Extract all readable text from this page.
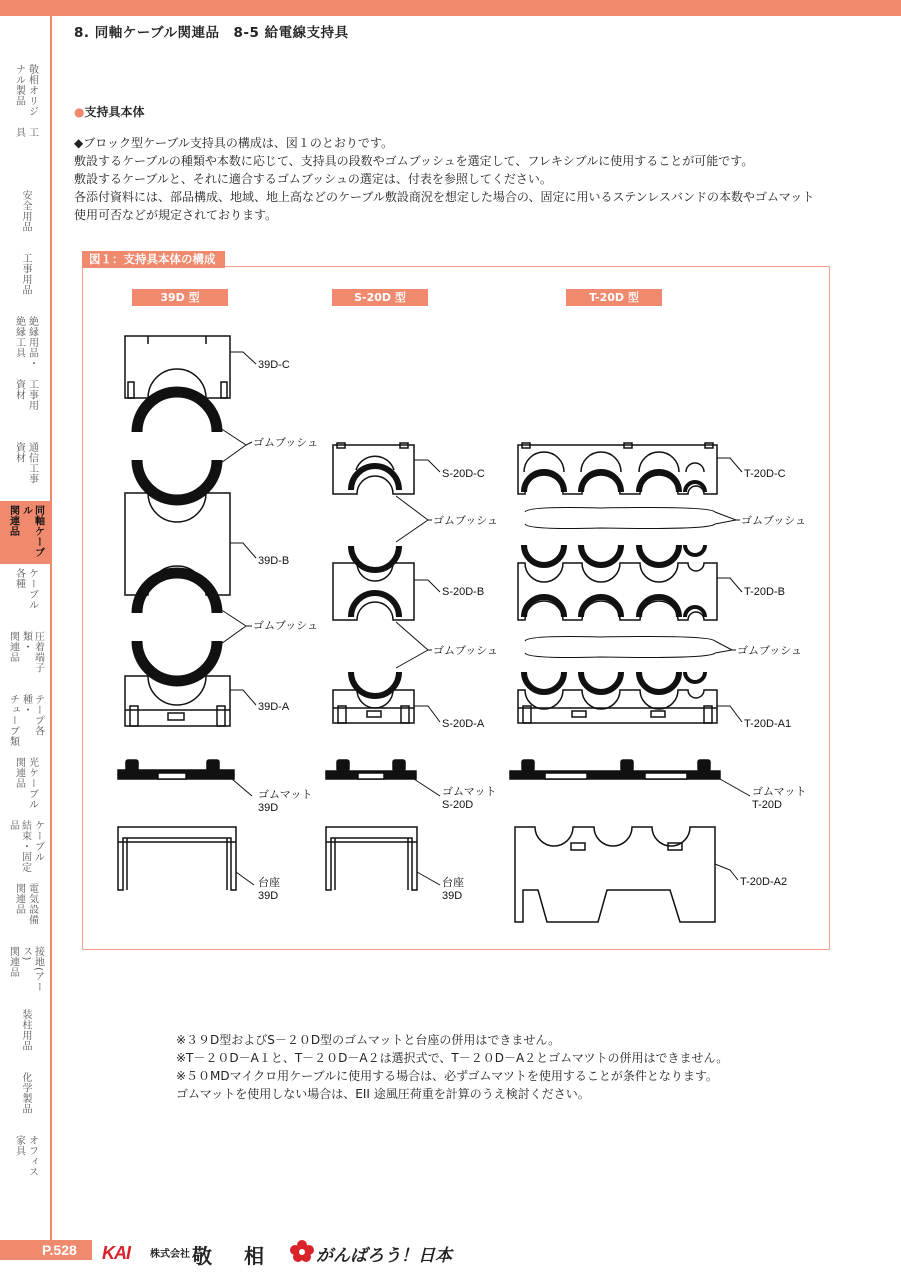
8. 同軸ケーブル関連品 8-5 給電線支持具
敬相オリジ
ナル製品
工
具
安全用品
工事用品
絶縁用品・
絶縁工具
工事用
資材
通信工事
資材
同軸ケーブル
関連品
ケーブル
各種
圧着端子類・
関連品
テープ各種・
チューブ類
光ケーブル
関連品
ケーブル
結束・固定品
電気設備
関連品
接地(アース)
関連品
装柱用品
化学製品
オフィス
家具
●支持具本体

◆ブロック型ケーブル支持具の構成は、図１のとおりです。

敷設するケーブルの種類や本数に応じて、支持具の段数やゴムブッシュを選定して、フレキシブルに使用することが可能です。

敷設するケーブルと、それに適合するゴムブッシュの選定は、付表を参照してください。

各添付資料には、部品構成、地域、地上高などのケーブル敷設商況を想定した場合の、固定に用いるステンレスバンドの本数やゴムマット

使用可否などが規定されております。

図１：支持具本体の構成
39D 型	S-20D 型	T-20D 型
39D-C
ゴムブッシュ
39D-B
ゴムブッシュ
39D-A
ゴムマット
39D
台座
39D
S-20D-C
ゴムブッシュ
S-20D-B
ゴムブッシュ
S-20D-A
ゴムマット
S-20D
台座
39D
T-20D-C
ゴムブッシュ
T-20D-B
ゴムブッシュ
T-20D-A1
ゴムマット
T-20D
T-20D-A2

※３９D型およびS－２０D型のゴムマットと台座の併用はできません。

※T－２０D－A１と、T－２０D－A２は選択式で、T－２０D－A２とゴムマツトの併用はできません。

※５０MDマイクロ用ケーブルに使用する場合は、必ずゴムマツトを使用することが条件となります。

ゴムマットを使用しない場合は、EII 途風圧荷重を計算のうえ検討ください。

P.528 KAI 株式会社 敬 相	がんばろう！日本
